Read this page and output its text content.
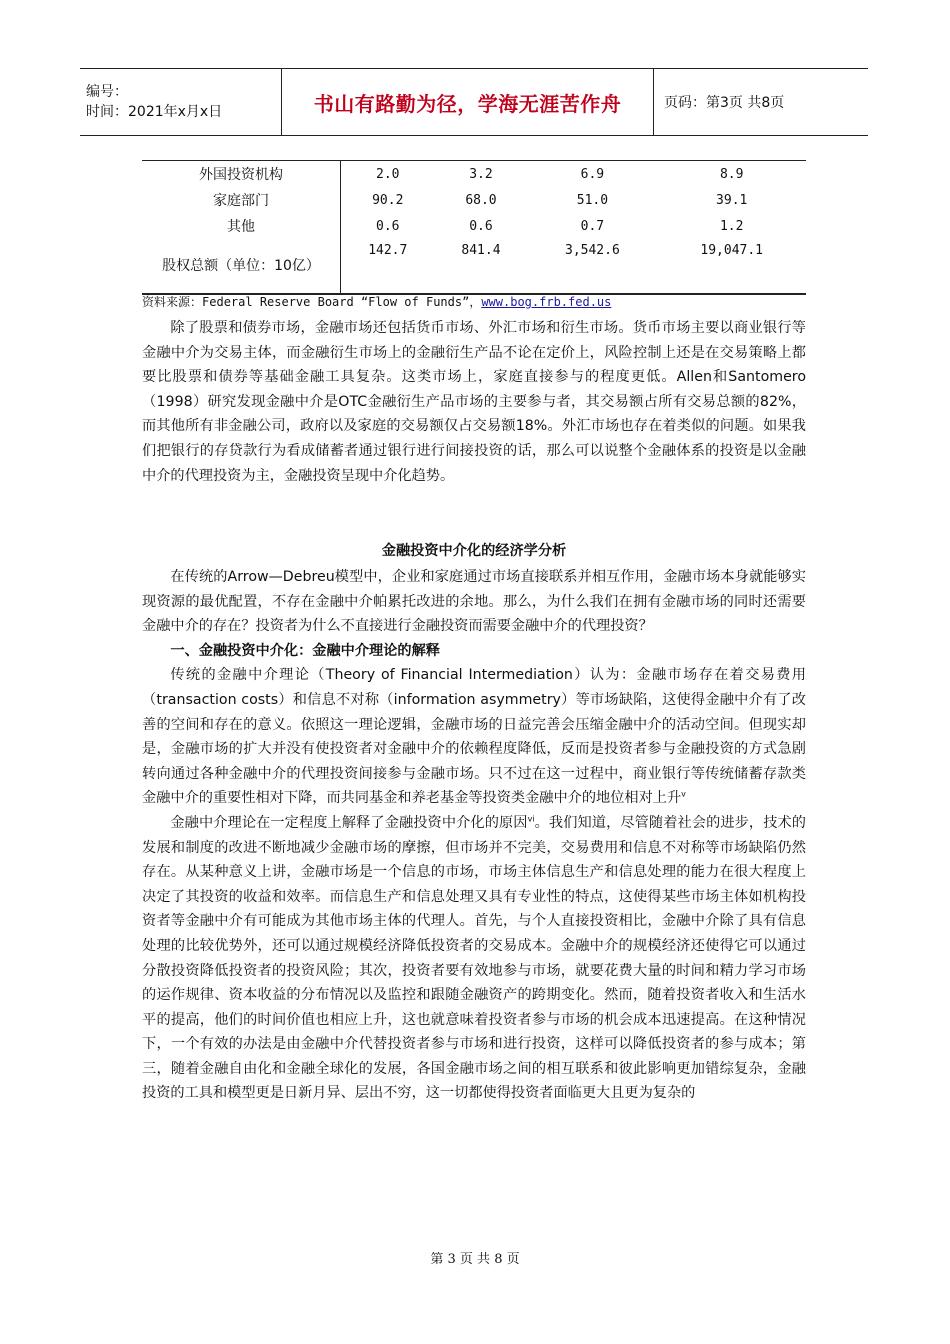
编号：
时间：2021年x月x日	书山有路勤为径，学海无涯苦作舟	页码：第3页 共8页
外国投资机构	2.0	3.2	6.9	8.9
家庭部门	90.2	68.0	51.0	39.1
其他	0.6	0.6	0.7	1.2
股权总额（单位：10亿）	142.7	841.4	3,542.6	19,047.1
资料来源：Federal Reserve Board “Flow of Funds”，www.bog.frb.fed.us

除了股票和债券市场，金融市场还包括货币市场、外汇市场和衍生市场。货币市场主要以商业银行等金融中介为交易主体，而金融衍生市场上的金融衍生产品不论在定价上，风险控制上还是在交易策略上都要比股票和债券等基础金融工具复杂。这类市场上，家庭直接参与的程度更低。Allen和Santomero（1998）研究发现金融中介是OTC金融衍生产品市场的主要参与者，其交易额占所有交易总额的82%，而其他所有非金融公司，政府以及家庭的交易额仅占交易额18%。外汇市场也存在着类似的问题。如果我们把银行的存贷款行为看成储蓄者通过银行进行间接投资的话，那么可以说整个金融体系的投资是以金融中介的代理投资为主，金融投资呈现中介化趋势。

金融投资中介化的经济学分析

在传统的Arrow—Debreu模型中，企业和家庭通过市场直接联系并相互作用，金融市场本身就能够实现资源的最优配置，不存在金融中介帕累托改进的余地。那么，为什么我们在拥有金融市场的同时还需要金融中介的存在？投资者为什么不直接进行金融投资而需要金融中介的代理投资？

一、金融投资中介化：金融中介理论的解释

传统的金融中介理论（Theory of Financial Intermediation）认为：金融市场存在着交易费用（transaction costs）和信息不对称（information asymmetry）等市场缺陷，这使得金融中介有了改善的空间和存在的意义。依照这一理论逻辑，金融市场的日益完善会压缩金融中介的活动空间。但现实却是，金融市场的扩大并没有使投资者对金融中介的依赖程度降低，反而是投资者参与金融投资的方式急剧转向通过各种金融中介的代理投资间接参与金融市场。只不过在这一过程中，商业银行等传统储蓄存款类金融中介的重要性相对下降，而共同基金和养老基金等投资类金融中介的地位相对上升$^v$

金融中介理论在一定程度上解释了金融投资中介化的原因$^{vi}$。我们知道，尽管随着社会的进步，技术的发展和制度的改进不断地减少金融市场的摩擦，但市场并不完美，交易费用和信息不对称等市场缺陷仍然存在。从某种意义上讲，金融市场是一个信息的市场，市场主体信息生产和信息处理的能力在很大程度上决定了其投资的收益和效率。而信息生产和信息处理又具有专业性的特点，这使得某些市场主体如机构投资者等金融中介有可能成为其他市场主体的代理人。首先，与个人直接投资相比，金融中介除了具有信息处理的比较优势外，还可以通过规模经济降低投资者的交易成本。金融中介的规模经济还使得它可以通过分散投资降低投资者的投资风险；其次，投资者要有效地参与市场，就要花费大量的时间和精力学习市场的运作规律、资本收益的分布情况以及监控和跟随金融资产的跨期变化。然而，随着投资者收入和生活水平的提高，他们的时间价值也相应上升，这也就意味着投资者参与市场的机会成本迅速提高。在这种情况下，一个有效的办法是由金融中介代替投资者参与市场和进行投资，这样可以降低投资者的参与成本；第三，随着金融自由化和金融全球化的发展，各国金融市场之间的相互联系和彼此影响更加错综复杂，金融投资的工具和模型更是日新月异、层出不穷，这一切都使得投资者面临更大且更为复杂的

第 3 页 共 8 页
